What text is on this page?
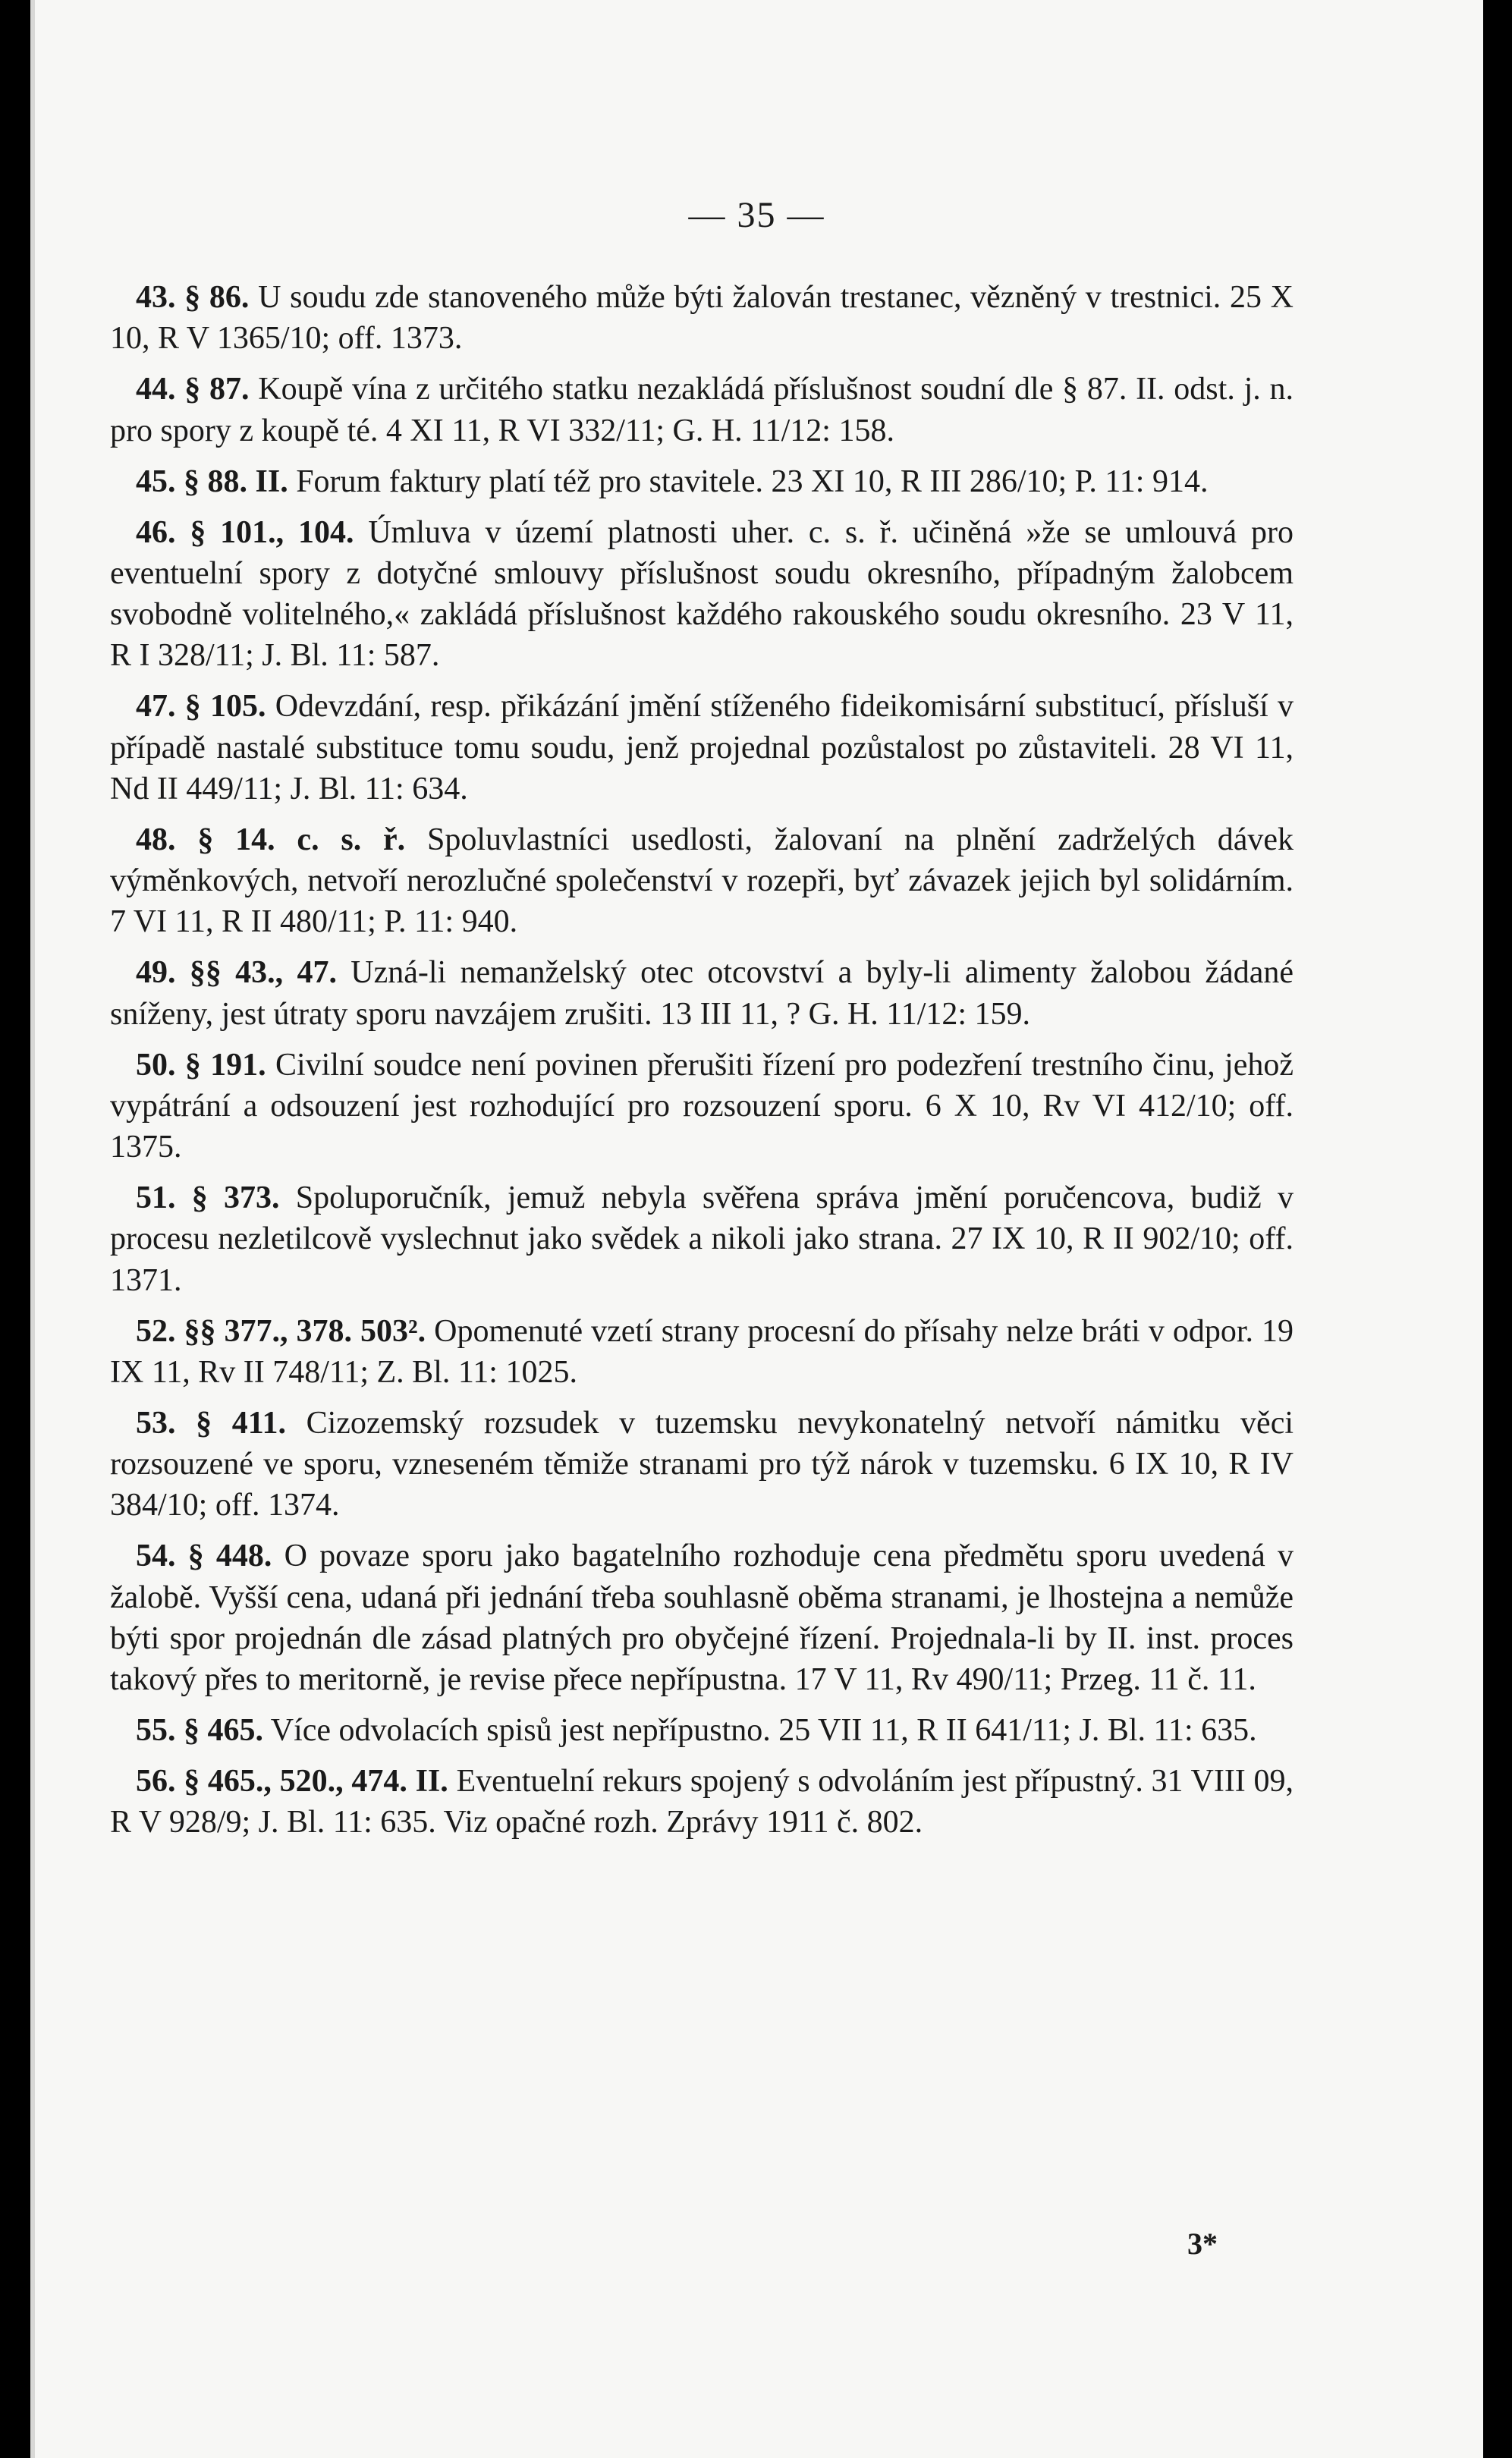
— 35 —

43. § 86. U soudu zde stanoveného může býti žalován trestanec, vězněný v trestnici. 25 X 10, R V 1365/10; off. 1373.

44. § 87. Koupě vína z určitého statku nezakládá příslušnost soudní dle § 87. II. odst. j. n. pro spory z koupě té. 4 XI 11, R VI 332/11; G. H. 11/12: 158.

45. § 88. II. Forum faktury platí též pro stavitele. 23 XI 10, R III 286/10; P. 11: 914.

46. § 101., 104. Úmluva v území platnosti uher. c. s. ř. učiněná »že se umlouvá pro eventuelní spory z dotyčné smlouvy příslušnost soudu okresního, případným žalobcem svobodně volitelného,« zakládá příslušnost každého rakouského soudu okresního. 23 V 11, R I 328/11; J. Bl. 11: 587.

47. § 105. Odevzdání, resp. přikázání jmění stíženého fideikomisární substitucí, přísluší v případě nastalé substituce tomu soudu, jenž projednal pozůstalost po zůstaviteli. 28 VI 11, Nd II 449/11; J. Bl. 11: 634.

48. § 14. c. s. ř. Spoluvlastníci usedlosti, žalovaní na plnění zadrželých dávek výměnkových, netvoří nerozlučné společenství v rozepři, byť závazek jejich byl solidárním. 7 VI 11, R II 480/11; P. 11: 940.

49. §§ 43., 47. Uzná-li nemanželský otec otcovství a byly-li alimenty žalobou žádané sníženy, jest útraty sporu navzájem zrušiti. 13 III 11, ? G. H. 11/12: 159.

50. § 191. Civilní soudce není povinen přerušiti řízení pro podezření trestního činu, jehož vypátrání a odsouzení jest rozhodující pro rozsouzení sporu. 6 X 10, Rv VI 412/10; off. 1375.

51. § 373. Spoluporučník, jemuž nebyla svěřena správa jmění poručencova, budiž v procesu nezletilcově vyslechnut jako svědek a nikoli jako strana. 27 IX 10, R II 902/10; off. 1371.

52. §§ 377., 378. 503². Opomenuté vzetí strany procesní do přísahy nelze bráti v odpor. 19 IX 11, Rv II 748/11; Z. Bl. 11: 1025.

53. § 411. Cizozemský rozsudek v tuzemsku nevykonatelný netvoří námitku věci rozsouzené ve sporu, vzneseném těmiže stranami pro týž nárok v tuzemsku. 6 IX 10, R IV 384/10; off. 1374.

54. § 448. O povaze sporu jako bagatelního rozhoduje cena předmětu sporu uvedená v žalobě. Vyšší cena, udaná při jednání třeba souhlasně oběma stranami, je lhostejna a nemůže býti spor projednán dle zásad platných pro obyčejné řízení. Projednala-li by II. inst. proces takový přes to meritorně, je revise přece nepřípustna. 17 V 11, Rv 490/11; Przeg. 11 č. 11.

55. § 465. Více odvolacích spisů jest nepřípustno. 25 VII 11, R II 641/11; J. Bl. 11: 635.

56. § 465., 520., 474. II. Eventuelní rekurs spojený s odvoláním jest přípustný. 31 VIII 09, R V 928/9; J. Bl. 11: 635. Viz opačné rozh. Zprávy 1911 č. 802.

3*
